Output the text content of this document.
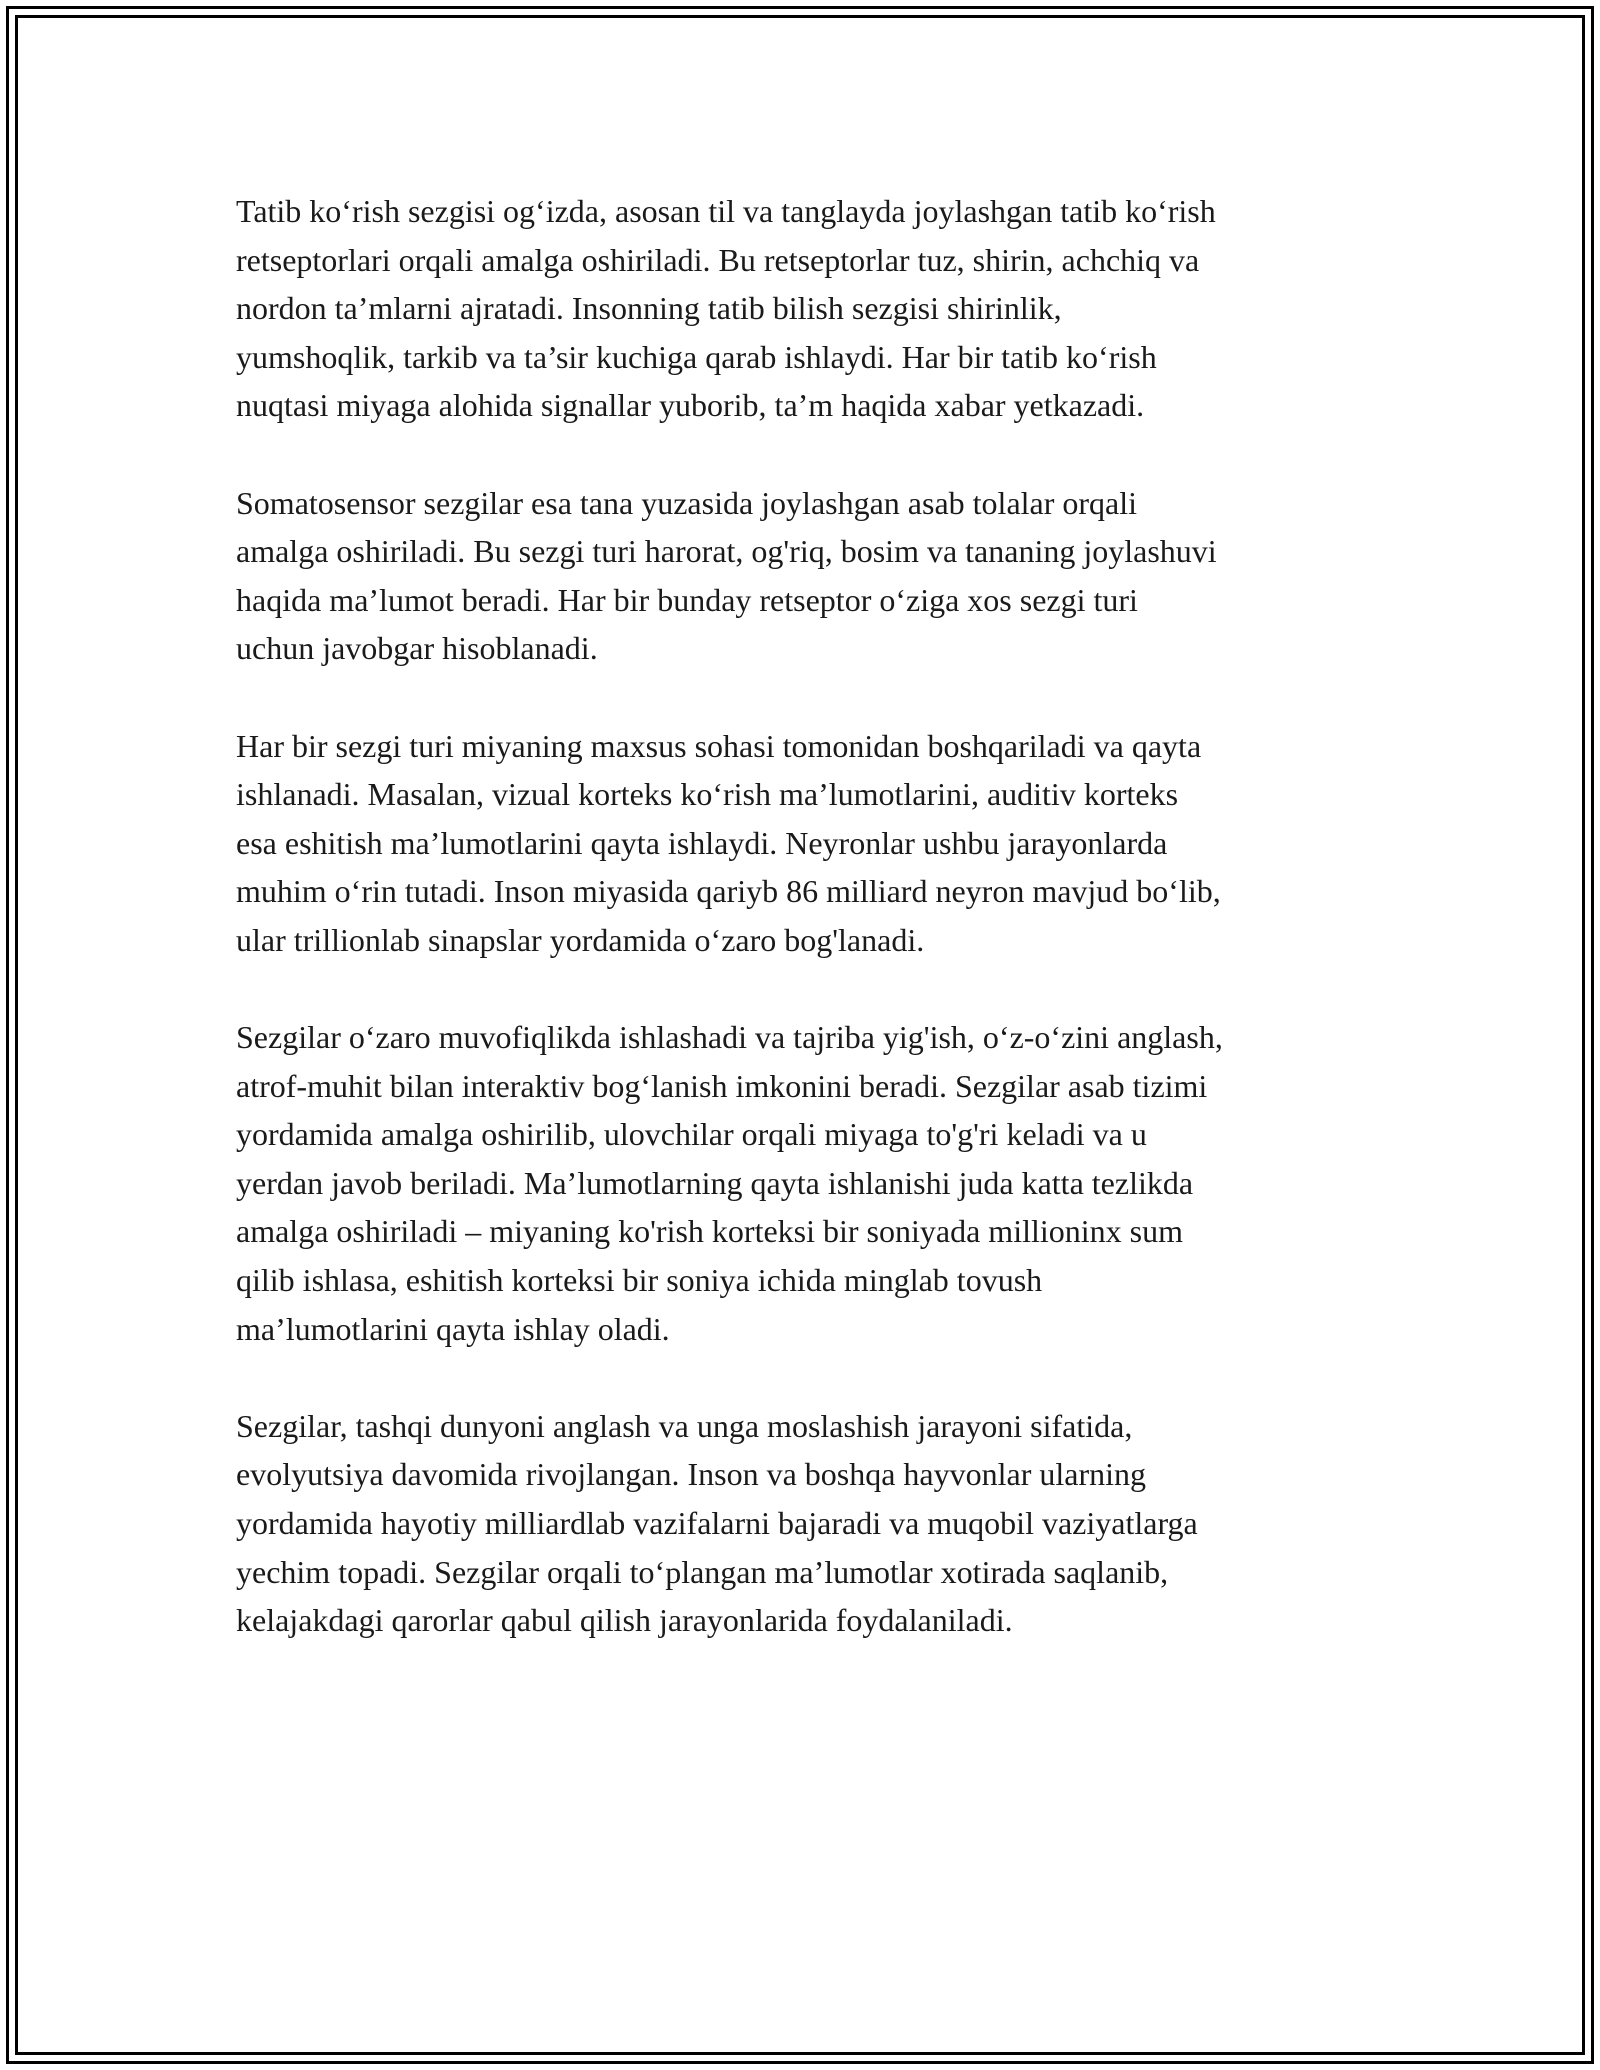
Tatib ko‘rish sezgisi og‘izda, asosan til va tanglayda joylashgan tatib ko‘rish
retseptorlari orqali amalga oshiriladi. Bu retseptorlar tuz, shirin, achchiq va
nordon ta’mlarni ajratadi. Insonning tatib bilish sezgisi shirinlik,
yumshoqlik, tarkib va ta’sir kuchiga qarab ishlaydi. Har bir tatib ko‘rish
nuqtasi miyaga alohida signallar yuborib, ta’m haqida xabar yetkazadi.

Somatosensor sezgilar esa tana yuzasida joylashgan asab tolalar orqali
amalga oshiriladi. Bu sezgi turi harorat, og'riq, bosim va tananing joylashuvi
haqida ma’lumot beradi. Har bir bunday retseptor o‘ziga xos sezgi turi
uchun javobgar hisoblanadi.

Har bir sezgi turi miyaning maxsus sohasi tomonidan boshqariladi va qayta
ishlanadi. Masalan, vizual korteks ko‘rish ma’lumotlarini, auditiv korteks
esa eshitish ma’lumotlarini qayta ishlaydi. Neyronlar ushbu jarayonlarda
muhim o‘rin tutadi. Inson miyasida qariyb 86 milliard neyron mavjud bo‘lib,
ular trillionlab sinapslar yordamida o‘zaro bog'lanadi.

Sezgilar o‘zaro muvofiqlikda ishlashadi va tajriba yig'ish, o‘z-o‘zini anglash,
atrof-muhit bilan interaktiv bog‘lanish imkonini beradi. Sezgilar asab tizimi
yordamida amalga oshirilib, ulovchilar orqali miyaga to'g'ri keladi va u
yerdan javob beriladi. Ma’lumotlarning qayta ishlanishi juda katta tezlikda
amalga oshiriladi – miyaning ko'rish korteksi bir soniyada millioninx sum
qilib ishlasa, eshitish korteksi bir soniya ichida minglab tovush
ma’lumotlarini qayta ishlay oladi.

Sezgilar, tashqi dunyoni anglash va unga moslashish jarayoni sifatida,
evolyutsiya davomida rivojlangan. Inson va boshqa hayvonlar ularning
yordamida hayotiy milliardlab vazifalarni bajaradi va muqobil vaziyatlarga
yechim topadi. Sezgilar orqali to‘plangan ma’lumotlar xotirada saqlanib,
kelajakdagi qarorlar qabul qilish jarayonlarida foydalaniladi.
